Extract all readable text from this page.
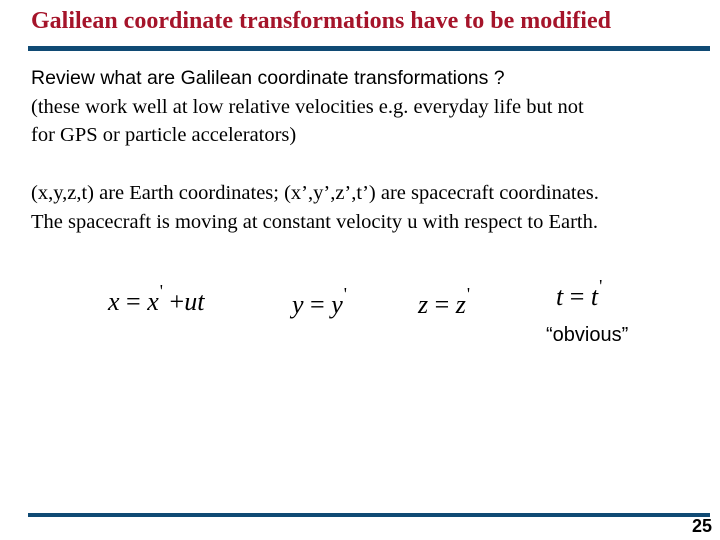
Galilean coordinate transformations have to be modified

Review what are Galilean coordinate transformations ?

(these work well at low relative velocities e.g. everyday life but not

for GPS or particle accelerators)

(x,y,z,t) are Earth coordinates; (x’,y’,z’,t’) are spacecraft coordinates.

The spacecraft is moving at constant velocity u with respect to Earth.

x = x' +ut	y = y'	z = z'	t = t'
“obvious”
25
